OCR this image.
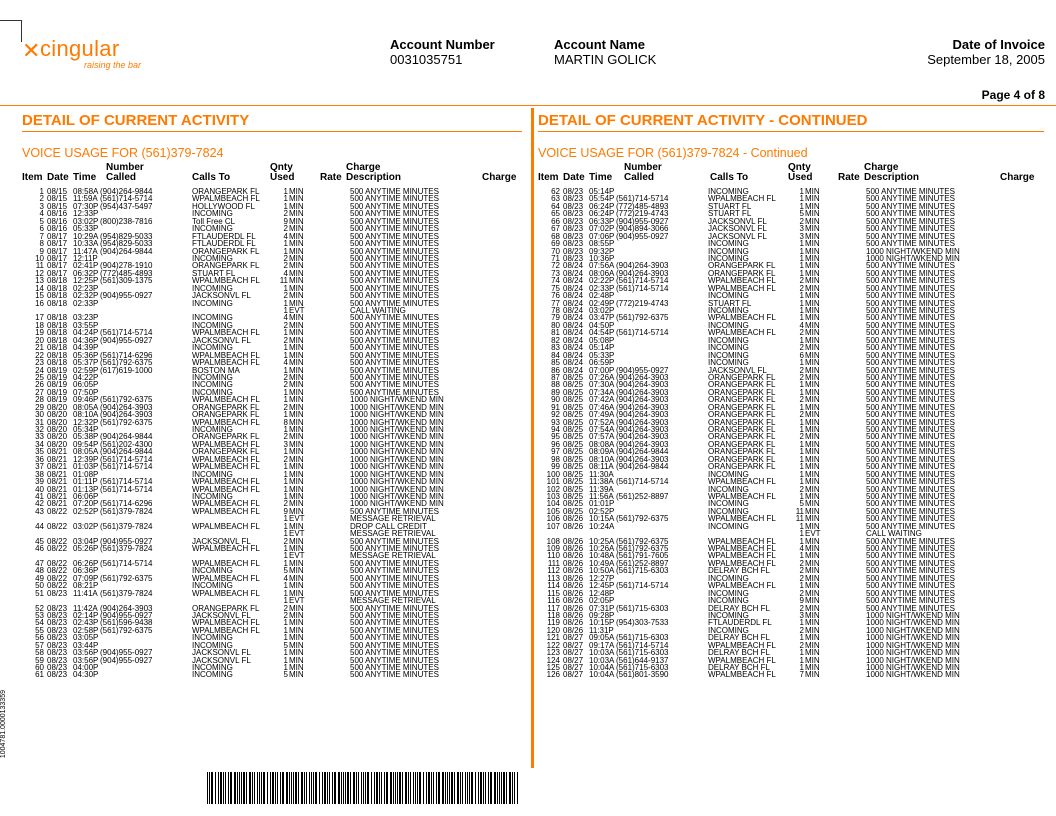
✕ cingular
raising the bar
Account Number
0031035751
Account Name
MARTIN GOLICK
Date of Invoice
September 18, 2005
Page 4 of 8
DETAIL OF CURRENT ACTIVITY
VOICE USAGE FOR (561)379-7824
Number	Qnty	Charge
Item Date Time Called	Calls To	Used	Rate Description	Charge
1 08/15 08:58A (904)264-9844	ORANGEPARK FL	1 MIN	500 ANYTIME MINUTES
2 08/15 11:59A (561)714-5714	WPALMBEACH FL	1 MIN	500 ANYTIME MINUTES
3 08/15 07:30P (954)437-5497	HOLLYWOOD FL	1 MIN	500 ANYTIME MINUTES
4 08/16 12:33P	INCOMING	2 MIN	500 ANYTIME MINUTES
5 08/16 03:02P (800)238-7816	Toll Free CL	9 MIN	500 ANYTIME MINUTES
6 08/16 05:33P	INCOMING	2 MIN	500 ANYTIME MINUTES
7 08/17 10:29A (954)829-5033	FTLAUDERDL FL	4 MIN	500 ANYTIME MINUTES
8 08/17 10:33A (954)829-5033	FTLAUDERDL FL	1 MIN	500 ANYTIME MINUTES
9 08/17 11:47A (904)264-9844	ORANGEPARK FL	1 MIN	500 ANYTIME MINUTES
10 08/17 12:11P	INCOMING	2 MIN	500 ANYTIME MINUTES
11 08/17 02:41P (904)278-1910	ORANGEPARK FL	2 MIN	500 ANYTIME MINUTES
12 08/17 06:32P (772)485-4893	STUART FL	4 MIN	500 ANYTIME MINUTES
13 08/18 12:25P (561)309-1375	WPALMBEACH FL	11 MIN	500 ANYTIME MINUTES
14 08/18 02:23P	INCOMING	1 MIN	500 ANYTIME MINUTES
15 08/18 02:32P (904)955-0927	JACKSONVL FL	2 MIN	500 ANYTIME MINUTES
16 08/18 02:33P	INCOMING	1 MIN	500 ANYTIME MINUTES
1 EVT	CALL WAITING
17 08/18 03:23P	INCOMING	4 MIN	500 ANYTIME MINUTES
18 08/18 03:55P	INCOMING	2 MIN	500 ANYTIME MINUTES
19 08/18 04:24P (561)714-5714	WPALMBEACH FL	1 MIN	500 ANYTIME MINUTES
20 08/18 04:36P (904)955-0927	JACKSONVL FL	2 MIN	500 ANYTIME MINUTES
21 08/18 04:39P	INCOMING	1 MIN	500 ANYTIME MINUTES
22 08/18 05:36P (561)714-6296	WPALMBEACH FL	1 MIN	500 ANYTIME MINUTES
23 08/18 05:37P (561)792-6375	WPALMBEACH FL	4 MIN	500 ANYTIME MINUTES
24 08/19 02:59P (617)619-1000	BOSTON MA	1 MIN	500 ANYTIME MINUTES
25 08/19 04:22P	INCOMING	2 MIN	500 ANYTIME MINUTES
26 08/19 06:05P	INCOMING	2 MIN	500 ANYTIME MINUTES
27 08/19 07:50P	INCOMING	1 MIN	500 ANYTIME MINUTES
28 08/19 09:46P (561)792-6375	WPALMBEACH FL	1 MIN	1000 NIGHT/WKEND MIN
29 08/20 08:05A (904)264-3903	ORANGEPARK FL	2 MIN	1000 NIGHT/WKEND MIN
30 08/20 08:10A (904)264-3903	ORANGEPARK FL	1 MIN	1000 NIGHT/WKEND MIN
31 08/20 12:32P (561)792-6375	WPALMBEACH FL	8 MIN	1000 NIGHT/WKEND MIN
32 08/20 05:34P	INCOMING	1 MIN	1000 NIGHT/WKEND MIN
33 08/20 05:38P (904)264-9844	ORANGEPARK FL	2 MIN	1000 NIGHT/WKEND MIN
34 08/20 09:54P (561)202-4300	WPALMBEACH FL	3 MIN	1000 NIGHT/WKEND MIN
35 08/21 08:05A (904)264-9844	ORANGEPARK FL	1 MIN	1000 NIGHT/WKEND MIN
36 08/21 12:39P (561)714-5714	WPALMBEACH FL	2 MIN	1000 NIGHT/WKEND MIN
37 08/21 01:03P (561)714-5714	WPALMBEACH FL	1 MIN	1000 NIGHT/WKEND MIN
38 08/21 01:08P	INCOMING	1 MIN	1000 NIGHT/WKEND MIN
39 08/21 01:11P (561)714-5714	WPALMBEACH FL	1 MIN	1000 NIGHT/WKEND MIN
40 08/21 01:13P (561)714-5714	WPALMBEACH FL	1 MIN	1000 NIGHT/WKEND MIN
41 08/21 06:06P	INCOMING	1 MIN	1000 NIGHT/WKEND MIN
42 08/21 07:20P (561)714-6296	WPALMBEACH FL	2 MIN	1000 NIGHT/WKEND MIN
43 08/22 02:52P (561)379-7824	WPALMBEACH FL	9 MIN	500 ANYTIME MINUTES
1 EVT	MESSAGE RETRIEVAL
44 08/22 03:02P (561)379-7824	WPALMBEACH FL	1 MIN	DROP CALL CREDIT
1 EVT	MESSAGE RETRIEVAL
45 08/22 03:04P (904)955-0927	JACKSONVL FL	2 MIN	500 ANYTIME MINUTES
46 08/22 05:26P (561)379-7824	WPALMBEACH FL	1 MIN	500 ANYTIME MINUTES
1 EVT	MESSAGE RETRIEVAL
47 08/22 06:26P (561)714-5714	WPALMBEACH FL	1 MIN	500 ANYTIME MINUTES
48 08/22 06:36P	INCOMING	5 MIN	500 ANYTIME MINUTES
49 08/22 07:09P (561)792-6375	WPALMBEACH FL	4 MIN	500 ANYTIME MINUTES
50 08/22 08:21P	INCOMING	1 MIN	500 ANYTIME MINUTES
51 08/23 11:41A (561)379-7824	WPALMBEACH FL	1 MIN	500 ANYTIME MINUTES
1 EVT	MESSAGE RETRIEVAL
52 08/23 11:42A (904)264-3903	ORANGEPARK FL	2 MIN	500 ANYTIME MINUTES
53 08/23 02:14P (904)955-0927	JACKSONVL FL	2 MIN	500 ANYTIME MINUTES
54 08/23 02:43P (561)596-9438	WPALMBEACH FL	1 MIN	500 ANYTIME MINUTES
55 08/23 02:58P (561)792-6375	WPALMBEACH FL	1 MIN	500 ANYTIME MINUTES
56 08/23 03:05P	INCOMING	1 MIN	500 ANYTIME MINUTES
57 08/23 03:44P	INCOMING	5 MIN	500 ANYTIME MINUTES
58 08/23 03:56P (904)955-0927	JACKSONVL FL	1 MIN	500 ANYTIME MINUTES
59 08/23 03:56P (904)955-0927	JACKSONVL FL	1 MIN	500 ANYTIME MINUTES
60 08/23 04:00P	INCOMING	1 MIN	500 ANYTIME MINUTES
61 08/23 04:30P	INCOMING	5 MIN	500 ANYTIME MINUTES
DETAIL OF CURRENT ACTIVITY - CONTINUED
VOICE USAGE FOR (561)379-7824 - Continued
Number	Qnty	Charge
Item Date Time Called	Calls To	Used	Rate Description	Charge
62 08/23 05:14P	INCOMING	1 MIN	500 ANYTIME MINUTES
63 08/23 05:54P (561)714-5714	WPALMBEACH FL	1 MIN	500 ANYTIME MINUTES
64 08/23 06:24P (772)485-4893	STUART FL	1 MIN	500 ANYTIME MINUTES
65 08/23 06:24P (772)219-4743	STUART FL	5 MIN	500 ANYTIME MINUTES
66 08/23 06:33P (904)955-0927	JACKSONVL FL	2 MIN	500 ANYTIME MINUTES
67 08/23 07:02P (904)894-3066	JACKSONVL FL	3 MIN	500 ANYTIME MINUTES
68 08/23 07:06P (904)955-0927	JACKSONVL FL	3 MIN	500 ANYTIME MINUTES
69 08/23 08:55P	INCOMING	1 MIN	500 ANYTIME MINUTES
70 08/23 09:32P	INCOMING	1 MIN	1000 NIGHT/WKEND MIN
71 08/23 10:36P	INCOMING	1 MIN	1000 NIGHT/WKEND MIN
72 08/24 07:56A (904)264-3903	ORANGEPARK FL	1 MIN	500 ANYTIME MINUTES
73 08/24 08:06A (904)264-3903	ORANGEPARK FL	1 MIN	500 ANYTIME MINUTES
74 08/24 02:22P (561)714-5714	WPALMBEACH FL	2 MIN	500 ANYTIME MINUTES
75 08/24 02:33P (561)714-5714	WPALMBEACH FL	2 MIN	500 ANYTIME MINUTES
76 08/24 02:48P	INCOMING	1 MIN	500 ANYTIME MINUTES
77 08/24 02:49P (772)219-4743	STUART FL	1 MIN	500 ANYTIME MINUTES
78 08/24 03:02P	INCOMING	1 MIN	500 ANYTIME MINUTES
79 08/24 03:47P (561)792-6375	WPALMBEACH FL	1 MIN	500 ANYTIME MINUTES
80 08/24 04:50P	INCOMING	4 MIN	500 ANYTIME MINUTES
81 08/24 04:54P (561)714-5714	WPALMBEACH FL	2 MIN	500 ANYTIME MINUTES
82 08/24 05:08P	INCOMING	1 MIN	500 ANYTIME MINUTES
83 08/24 05:14P	INCOMING	2 MIN	500 ANYTIME MINUTES
84 08/24 05:33P	INCOMING	6 MIN	500 ANYTIME MINUTES
85 08/24 06:59P	INCOMING	1 MIN	500 ANYTIME MINUTES
86 08/24 07:00P (904)955-0927	JACKSONVL FL	2 MIN	500 ANYTIME MINUTES
87 08/25 07:26A (904)264-3903	ORANGEPARK FL	2 MIN	500 ANYTIME MINUTES
88 08/25 07:30A (904)264-3903	ORANGEPARK FL	1 MIN	500 ANYTIME MINUTES
89 08/25 07:34A (904)264-3903	ORANGEPARK FL	1 MIN	500 ANYTIME MINUTES
90 08/25 07:42A (904)264-3903	ORANGEPARK FL	2 MIN	500 ANYTIME MINUTES
91 08/25 07:46A (904)264-3903	ORANGEPARK FL	1 MIN	500 ANYTIME MINUTES
92 08/25 07:49A (904)264-3903	ORANGEPARK FL	2 MIN	500 ANYTIME MINUTES
93 08/25 07:52A (904)264-3903	ORANGEPARK FL	1 MIN	500 ANYTIME MINUTES
94 08/25 07:54A (904)264-3903	ORANGEPARK FL	1 MIN	500 ANYTIME MINUTES
95 08/25 07:57A (904)264-3903	ORANGEPARK FL	2 MIN	500 ANYTIME MINUTES
96 08/25 08:08A (904)264-3903	ORANGEPARK FL	1 MIN	500 ANYTIME MINUTES
97 08/25 08:09A (904)264-9844	ORANGEPARK FL	1 MIN	500 ANYTIME MINUTES
98 08/25 08:10A (904)264-3903	ORANGEPARK FL	1 MIN	500 ANYTIME MINUTES
99 08/25 08:11A (904)264-9844	ORANGEPARK FL	1 MIN	500 ANYTIME MINUTES
100 08/25 11:30A	INCOMING	1 MIN	500 ANYTIME MINUTES
101 08/25 11:38A (561)714-5714	WPALMBEACH FL	1 MIN	500 ANYTIME MINUTES
102 08/25 11:39A	INCOMING	2 MIN	500 ANYTIME MINUTES
103 08/25 11:56A (561)252-8897	WPALMBEACH FL	1 MIN	500 ANYTIME MINUTES
104 08/25 01:01P	INCOMING	5 MIN	500 ANYTIME MINUTES
105 08/25 02:52P	INCOMING	11 MIN	500 ANYTIME MINUTES
106 08/26 10:15A (561)792-6375	WPALMBEACH FL	11 MIN	500 ANYTIME MINUTES
107 08/26 10:24A	INCOMING	1 MIN	500 ANYTIME MINUTES
1 EVT	CALL WAITING
108 08/26 10:25A (561)792-6375	WPALMBEACH FL	1 MIN	500 ANYTIME MINUTES
109 08/26 10:26A (561)792-6375	WPALMBEACH FL	4 MIN	500 ANYTIME MINUTES
110 08/26 10:48A (561)791-7605	WPALMBEACH FL	1 MIN	500 ANYTIME MINUTES
111 08/26 10:49A (561)252-8897	WPALMBEACH FL	2 MIN	500 ANYTIME MINUTES
112 08/26 10:50A (561)715-6303	DELRAY BCH FL	2 MIN	500 ANYTIME MINUTES
113 08/26 12:27P	INCOMING	2 MIN	500 ANYTIME MINUTES
114 08/26 12:45P (561)714-5714	WPALMBEACH FL	1 MIN	500 ANYTIME MINUTES
115 08/26 12:48P	INCOMING	2 MIN	500 ANYTIME MINUTES
116 08/26 02:05P	INCOMING	9 MIN	500 ANYTIME MINUTES
117 08/26 07:31P (561)715-6303	DELRAY BCH FL	2 MIN	500 ANYTIME MINUTES
118 08/26 09:28P	INCOMING	3 MIN	1000 NIGHT/WKEND MIN
119 08/26 10:15P (954)303-7533	FTLAUDERDL FL	1 MIN	1000 NIGHT/WKEND MIN
120 08/26 11:31P	INCOMING	2 MIN	1000 NIGHT/WKEND MIN
121 08/27 09:05A (561)715-6303	DELRAY BCH FL	1 MIN	1000 NIGHT/WKEND MIN
122 08/27 09:17A (561)714-5714	WPALMBEACH FL	2 MIN	1000 NIGHT/WKEND MIN
123 08/27 10:03A (561)715-6303	DELRAY BCH FL	1 MIN	1000 NIGHT/WKEND MIN
124 08/27 10:03A (561)644-9137	WPALMBEACH FL	1 MIN	1000 NIGHT/WKEND MIN
125 08/27 10:04A (561)715-6303	DELRAY BCH FL	1 MIN	1000 NIGHT/WKEND MIN
126 08/27 10:04A (561)801-3590	WPALMBEACH FL	7 MIN	1000 NIGHT/WKEND MIN
1004781.0000133359
